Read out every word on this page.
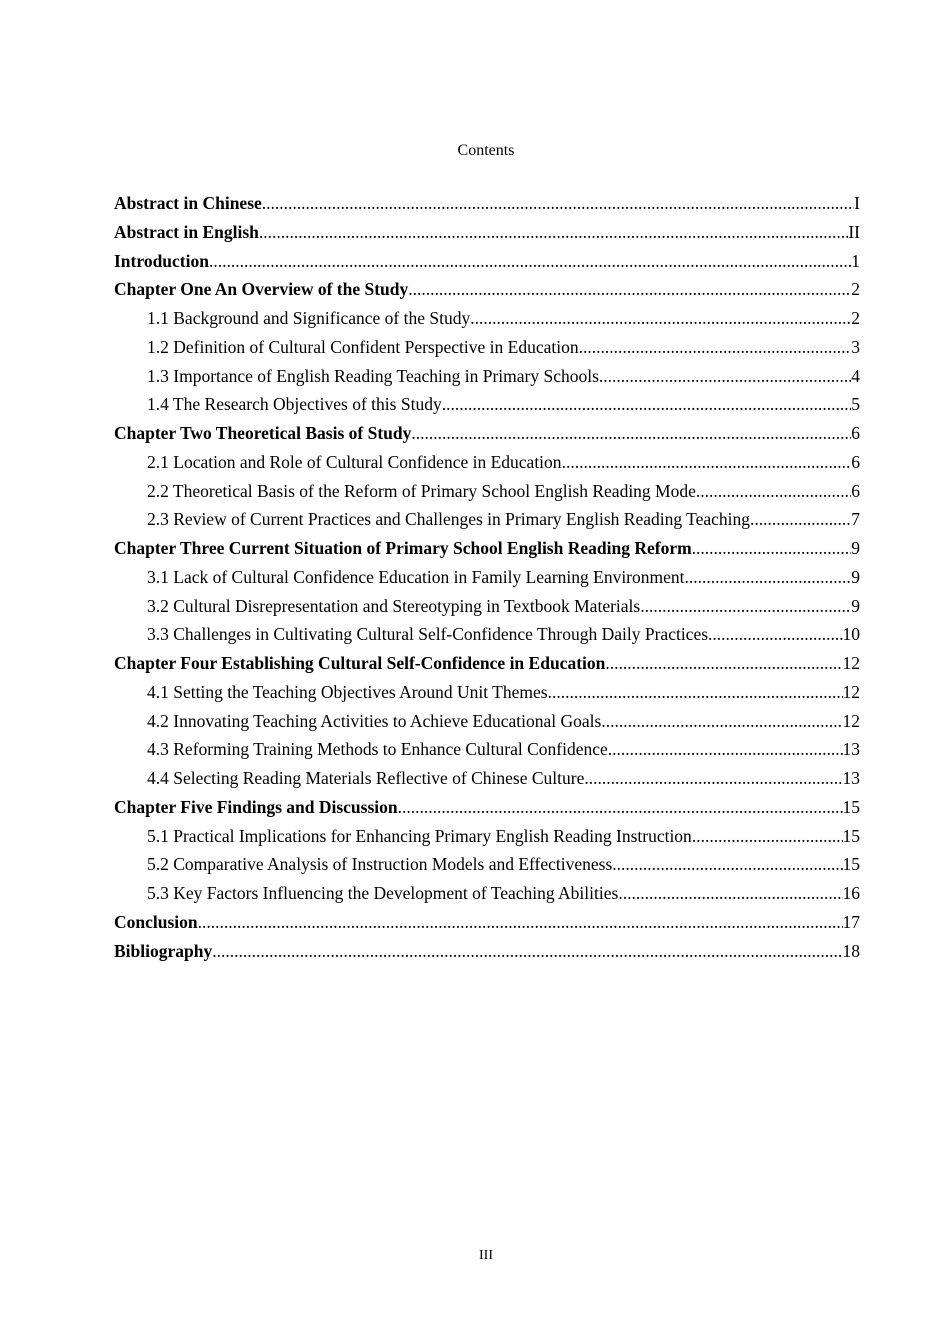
Contents
Abstract in Chinese .....	I
Abstract in English .....	II
Introduction .....	1
Chapter One An Overview of the Study .....	2
1.1 Background and Significance of the Study .....	2
1.2 Definition of Cultural Confident Perspective in Education .....	3
1.3 Importance of English Reading Teaching in Primary Schools .....	4
1.4 The Research Objectives of this Study .....	5
Chapter Two Theoretical Basis of Study .....	6
2.1 Location and Role of Cultural Confidence in Education .....	6
2.2 Theoretical Basis of the Reform of Primary School English Reading Mode .....	6
2.3 Review of Current Practices and Challenges in Primary English Reading Teaching .....	7
Chapter Three Current Situation of Primary School English Reading Reform .....	9
3.1 Lack of Cultural Confidence Education in Family Learning Environment .....	9
3.2 Cultural Disrepresentation and Stereotyping in Textbook Materials .....	9
3.3 Challenges in Cultivating Cultural Self-Confidence Through Daily Practices .....	10
Chapter Four Establishing Cultural Self-Confidence in Education .....	12
4.1 Setting the Teaching Objectives Around Unit Themes .....	12
4.2 Innovating Teaching Activities to Achieve Educational Goals .....	12
4.3 Reforming Training Methods to Enhance Cultural Confidence .....	13
4.4 Selecting Reading Materials Reflective of Chinese Culture .....	13
Chapter Five Findings and Discussion .....	15
5.1 Practical Implications for Enhancing Primary English Reading Instruction .....	15
5.2 Comparative Analysis of Instruction Models and Effectiveness .....	15
5.3 Key Factors Influencing the Development of Teaching Abilities .....	16
Conclusion .....	17
Bibliography .....	18
III
